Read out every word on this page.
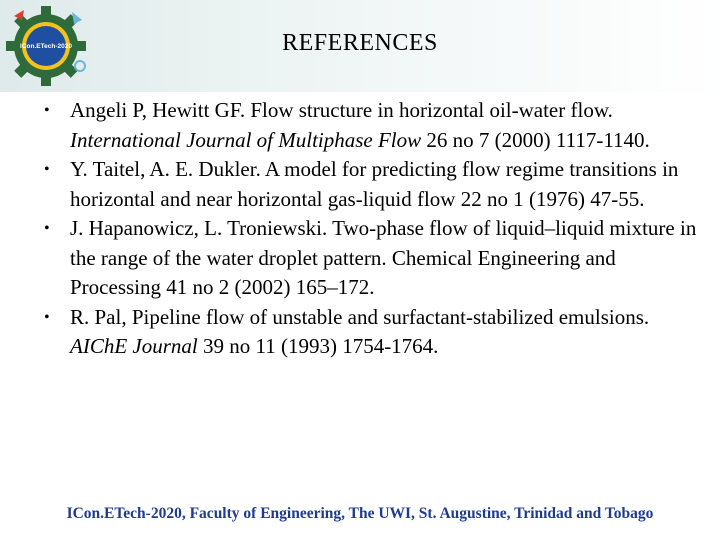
ICon.ETech-2020	REFERENCES
• Angeli P, Hewitt GF. Flow structure in horizontal oil-water flow. International Journal of Multiphase Flow 26 no 7 (2000) 1117-1140.
• Y. Taitel, A. E. Dukler. A model for predicting flow regime transitions in horizontal and near horizontal gas‐liquid flow 22 no 1 (1976) 47-55.
• J. Hapanowicz, L. Troniewski. Two-phase flow of liquid–liquid mixture in the range of the water droplet pattern. Chemical Engineering and Processing 41 no 2 (2002) 165–172.
• R. Pal, Pipeline flow of unstable and surfactant-stabilized emulsions. AIChE Journal 39 no 11 (1993) 1754-1764.
ICon.ETech-2020, Faculty of Engineering, The UWI, St. Augustine, Trinidad and Tobago
